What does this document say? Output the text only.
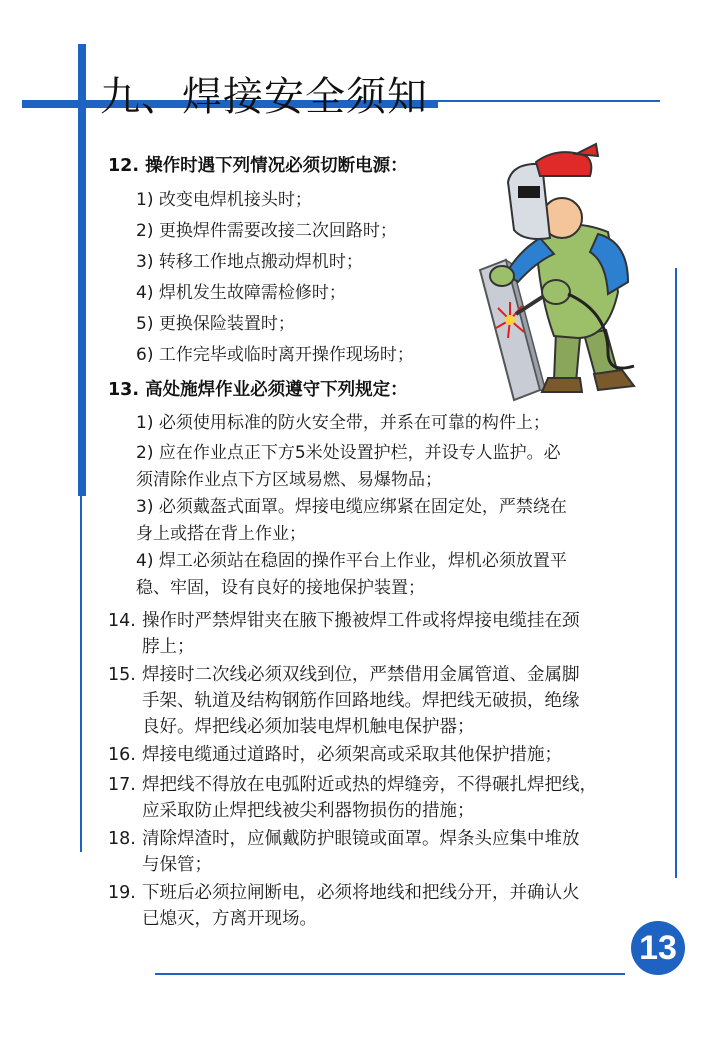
九、焊接安全须知
12. 操作时遇下列情况必须切断电源：
1) 改变电焊机接头时；
2) 更换焊件需要改接二次回路时；
3) 转移工作地点搬动焊机时；
4) 焊机发生故障需检修时；
5) 更换保险装置时；
6) 工作完毕或临时离开操作现场时；
13. 高处施焊作业必须遵守下列规定：
1) 必须使用标准的防火安全带，并系在可靠的构件上；
2) 应在作业点正下方5米处设置护栏，并设专人监护。必
须清除作业点下方区域易燃、易爆物品；
3) 必须戴盔式面罩。焊接电缆应绑紧在固定处，严禁绕在
身上或搭在背上作业；
4) 焊工必须站在稳固的操作平台上作业，焊机必须放置平
稳、牢固，设有良好的接地保护装置；
14. 操作时严禁焊钳夹在腋下搬被焊工件或将焊接电缆挂在颈
脖上；
15. 焊接时二次线必须双线到位，严禁借用金属管道、金属脚
手架、轨道及结构钢筋作回路地线。焊把线无破损，绝缘
良好。焊把线必须加装电焊机触电保护器；
16. 焊接电缆通过道路时，必须架高或采取其他保护措施；
17. 焊把线不得放在电弧附近或热的焊缝旁，不得碾扎焊把线，
应采取防止焊把线被尖利器物损伤的措施；
18. 清除焊渣时，应佩戴防护眼镜或面罩。焊条头应集中堆放
与保管；
19. 下班后必须拉闸断电，必须将地线和把线分开，并确认火
已熄灭，方离开现场。
13
